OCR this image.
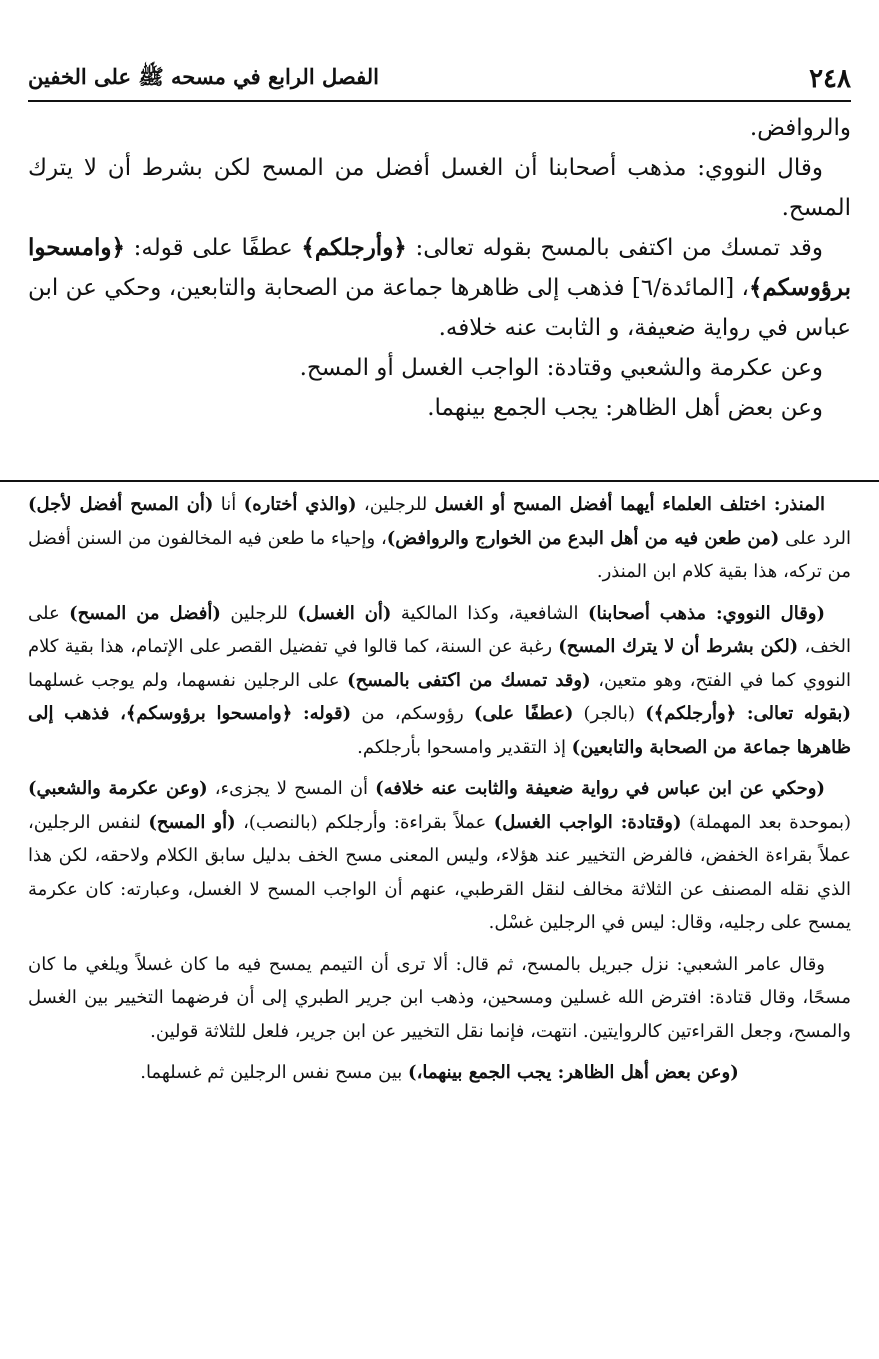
٢٤٨
الفصل الرابع في مسحه ﷺ على الخفين

والروافض.

وقال النووي: مذهب أصحابنا أن الغسل أفضل من المسح لكن بشرط أن لا يترك المسح.

وقد تمسك من اكتفى بالمسح بقوله تعالى: ﴿وأرجلكم﴾ عطفًا على قوله: ﴿وامسحوا برؤوسكم﴾، [المائدة/٦] فذهب إلى ظاهرها جماعة من الصحابة والتابعين، وحكي عن ابن عباس في رواية ضعيفة، و الثابت عنه خلافه.

وعن عكرمة والشعبي وقتادة: الواجب الغسل أو المسح.

وعن بعض أهل الظاهر: يجب الجمع بينهما.

المنذر: اختلف العلماء أيهما أفضل المسح أو الغسل للرجلين، (والذي أختاره) أنا (أن المسح أفضل لأجل) الرد على (من طعن فيه من أهل البدع من الخوارج والروافض)، وإحياء ما طعن فيه المخالفون من السنن أفضل من تركه، هذا بقية كلام ابن المنذر.

(وقال النووي: مذهب أصحابنا) الشافعية، وكذا المالكية (أن الغسل) للرجلين (أفضل من المسح) على الخف، (لكن بشرط أن لا يترك المسح) رغبة عن السنة، كما قالوا في تفضيل القصر على الإتمام، هذا بقية كلام النووي كما في الفتح، وهو متعين، (وقد تمسك من اكتفى بالمسح) على الرجلين نفسهما، ولم يوجب غسلهما (بقوله تعالى: ﴿وأرجلكم﴾) (بالجر) (عطفًا على) رؤوسكم، من (قوله: ﴿وامسحوا برؤوسكم﴾، فذهب إلى ظاهرها جماعة من الصحابة والتابعين) إذ التقدير وامسحوا بأرجلكم.

(وحكي عن ابن عباس في رواية ضعيفة والثابت عنه خلافه) أن المسح لا يجزىء، (وعن عكرمة والشعبي) (بموحدة بعد المهملة) (وقتادة: الواجب الغسل) عملاً بقراءة: وأرجلكم (بالنصب)، (أو المسح) لنفس الرجلين، عملاً بقراءة الخفض، فالفرض التخيير عند هؤلاء، وليس المعنى مسح الخف بدليل سابق الكلام ولاحقه، لكن هذا الذي نقله المصنف عن الثلاثة مخالف لنقل القرطبي، عنهم أن الواجب المسح لا الغسل، وعبارته: كان عكرمة يمسح على رجليه، وقال: ليس في الرجلين غسْل.

وقال عامر الشعبي: نزل جبريل بالمسح، ثم قال: ألا ترى أن التيمم يمسح فيه ما كان غسلاً ويلغي ما كان مسحًا، وقال قتادة: افترض الله غسلين ومسحين، وذهب ابن جرير الطبري إلى أن فرضهما التخيير بين الغسل والمسح، وجعل القراءتين كالروايتين. انتهت، فإنما نقل التخيير عن ابن جرير، فلعل للثلاثة قولين.

(وعن بعض أهل الظاهر: يجب الجمع بينهما،) بين مسح نفس الرجلين ثم غسلهما.
